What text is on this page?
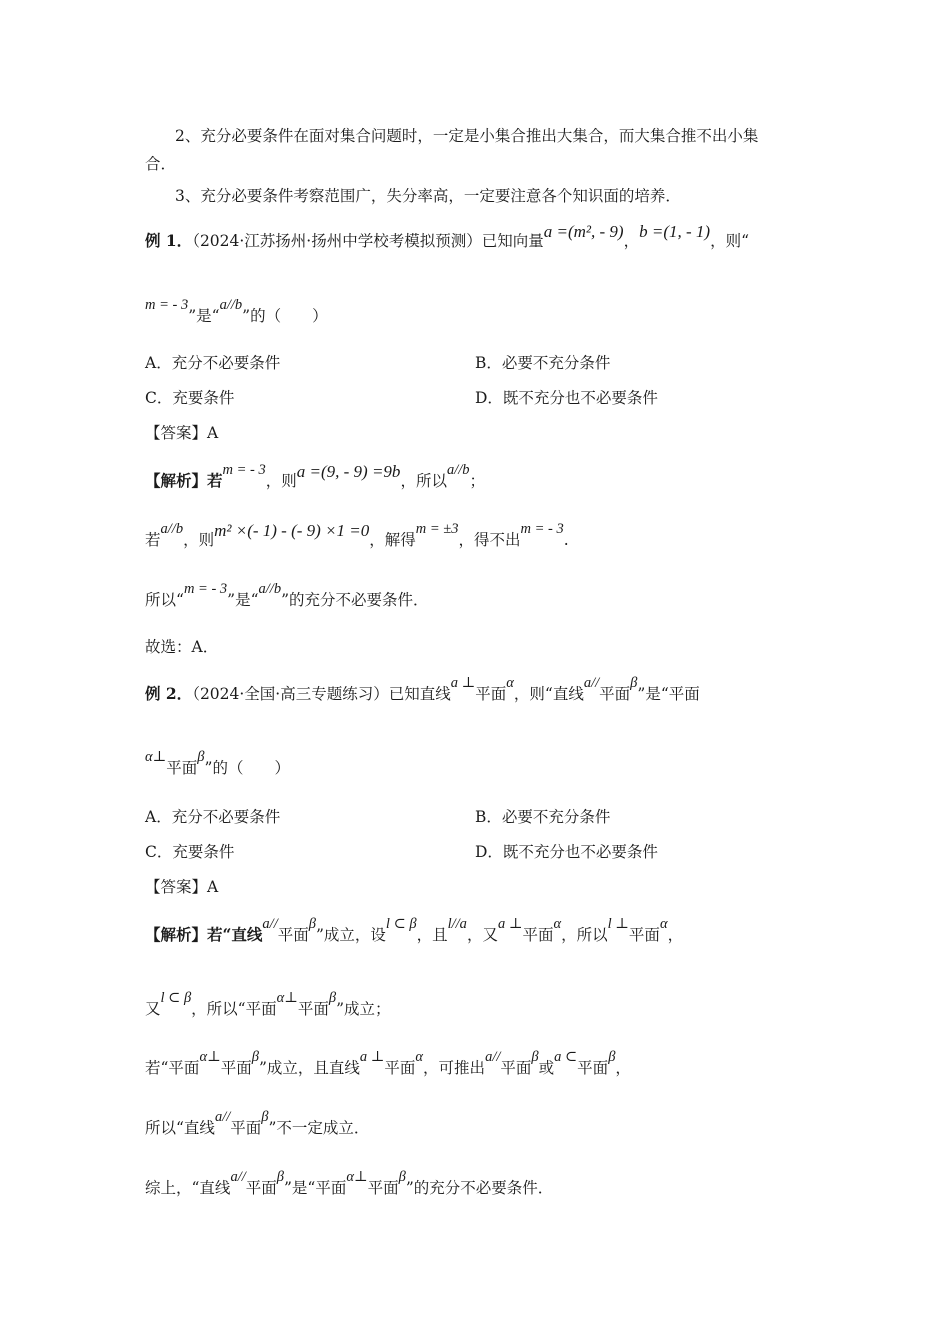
2、充分必要条件在面对集合问题时，一定是小集合推出大集合，而大集合推不出小集
合．
3、充分必要条件考察范围广，失分率高，一定要注意各个知识面的培养．
例 1．（2024·江苏扬州·扬州中学校考模拟预测）已知向量a =(m², - 9)，b =(1, - 1)，则“
m = - 3”是“a//b”的（　　）
A．充分不必要条件	B．必要不充分条件
C．充要条件	D．既不充分也不必要条件
【答案】A
【解析】若m = - 3，则a =(9, - 9) =9b，所以a//b；
若a//b，则m² ×(- 1) - (- 9) ×1 =0，解得m = ±3，得不出m = - 3.
所以“m = - 3”是“a//b”的充分不必要条件．
故选：A．
例 2．（2024·全国·高三专题练习）已知直线a ⊥平面α，则“直线a//平面β”是“平面
α⊥平面β”的（　　）
A．充分不必要条件	B．必要不充分条件
C．充要条件	D．既不充分也不必要条件
【答案】A
【解析】若“直线a//平面β”成立，设l ⊂ β，且l//a，又a ⊥平面α，所以l ⊥平面α，
又l ⊂ β，所以“平面α⊥平面β”成立；
若“平面α⊥平面β”成立，且直线a ⊥平面α，可推出a//平面β或a ⊂平面β，
所以“直线a//平面β”不一定成立．
综上，“直线a//平面β”是“平面α⊥平面β”的充分不必要条件．
